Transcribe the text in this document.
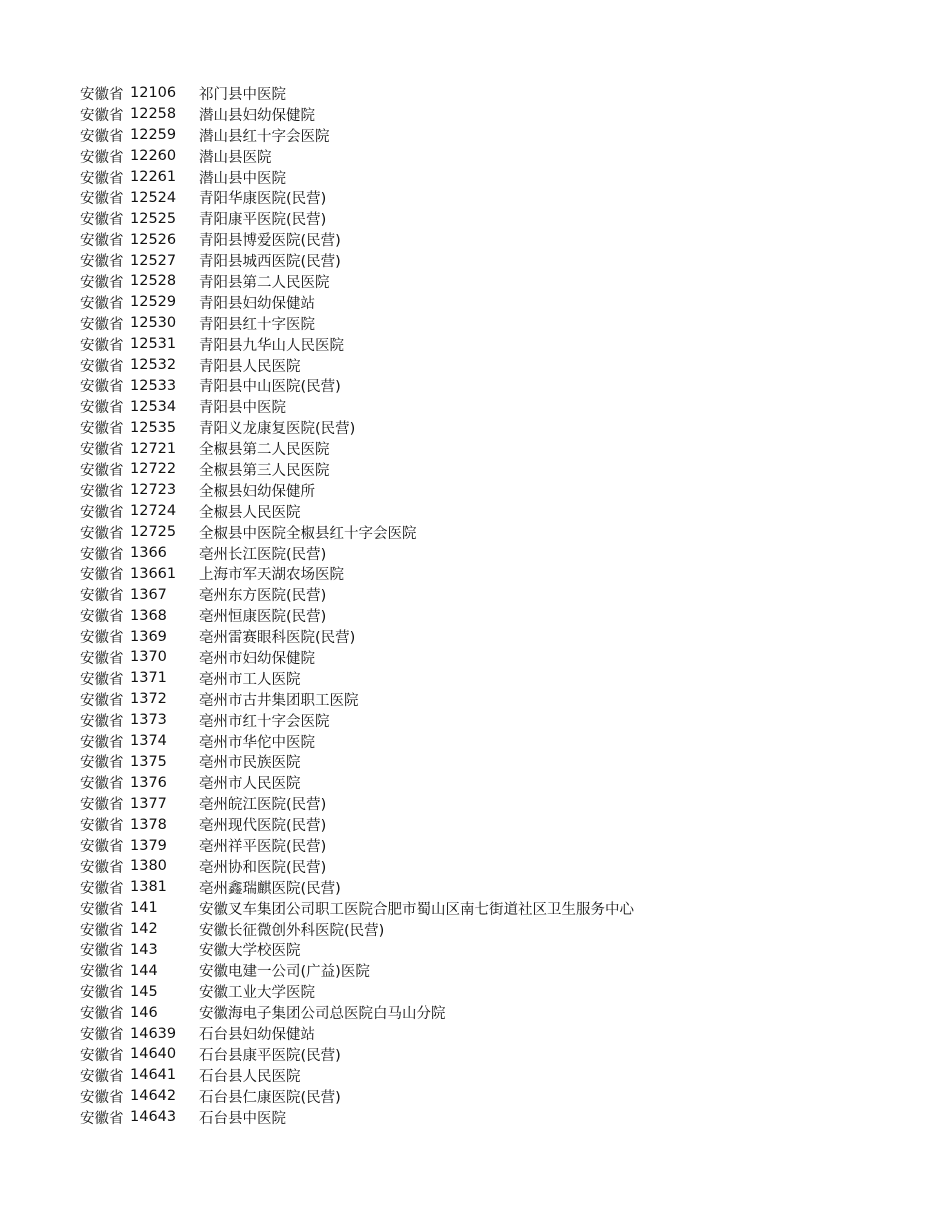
安徽省 12106	祁门县中医院
安徽省 12258	潜山县妇幼保健院
安徽省 12259	潜山县红十字会医院
安徽省 12260	潜山县医院
安徽省 12261	潜山县中医院
安徽省 12524	青阳华康医院(民营)
安徽省 12525	青阳康平医院(民营)
安徽省 12526	青阳县博爱医院(民营)
安徽省 12527	青阳县城西医院(民营)
安徽省 12528	青阳县第二人民医院
安徽省 12529	青阳县妇幼保健站
安徽省 12530	青阳县红十字医院
安徽省 12531	青阳县九华山人民医院
安徽省 12532	青阳县人民医院
安徽省 12533	青阳县中山医院(民营)
安徽省 12534	青阳县中医院
安徽省 12535	青阳义龙康复医院(民营)
安徽省 12721	全椒县第二人民医院
安徽省 12722	全椒县第三人民医院
安徽省 12723	全椒县妇幼保健所
安徽省 12724	全椒县人民医院
安徽省 12725	全椒县中医院全椒县红十字会医院
安徽省 1366	亳州长江医院(民营)
安徽省 13661	上海市军天湖农场医院
安徽省 1367	亳州东方医院(民营)
安徽省 1368	亳州恒康医院(民营)
安徽省 1369	亳州雷赛眼科医院(民营)
安徽省 1370	亳州市妇幼保健院
安徽省 1371	亳州市工人医院
安徽省 1372	亳州市古井集团职工医院
安徽省 1373	亳州市红十字会医院
安徽省 1374	亳州市华佗中医院
安徽省 1375	亳州市民族医院
安徽省 1376	亳州市人民医院
安徽省 1377	亳州皖江医院(民营)
安徽省 1378	亳州现代医院(民营)
安徽省 1379	亳州祥平医院(民营)
安徽省 1380	亳州协和医院(民营)
安徽省 1381	亳州鑫瑞麒医院(民营)
安徽省 141	安徽叉车集团公司职工医院合肥市蜀山区南七街道社区卫生服务中心
安徽省 142	安徽长征微创外科医院(民营)
安徽省 143	安徽大学校医院
安徽省 144	安徽电建一公司(广益)医院
安徽省 145	安徽工业大学医院
安徽省 146	安徽海电子集团公司总医院白马山分院
安徽省 14639	石台县妇幼保健站
安徽省 14640	石台县康平医院(民营)
安徽省 14641	石台县人民医院
安徽省 14642	石台县仁康医院(民营)
安徽省 14643	石台县中医院
